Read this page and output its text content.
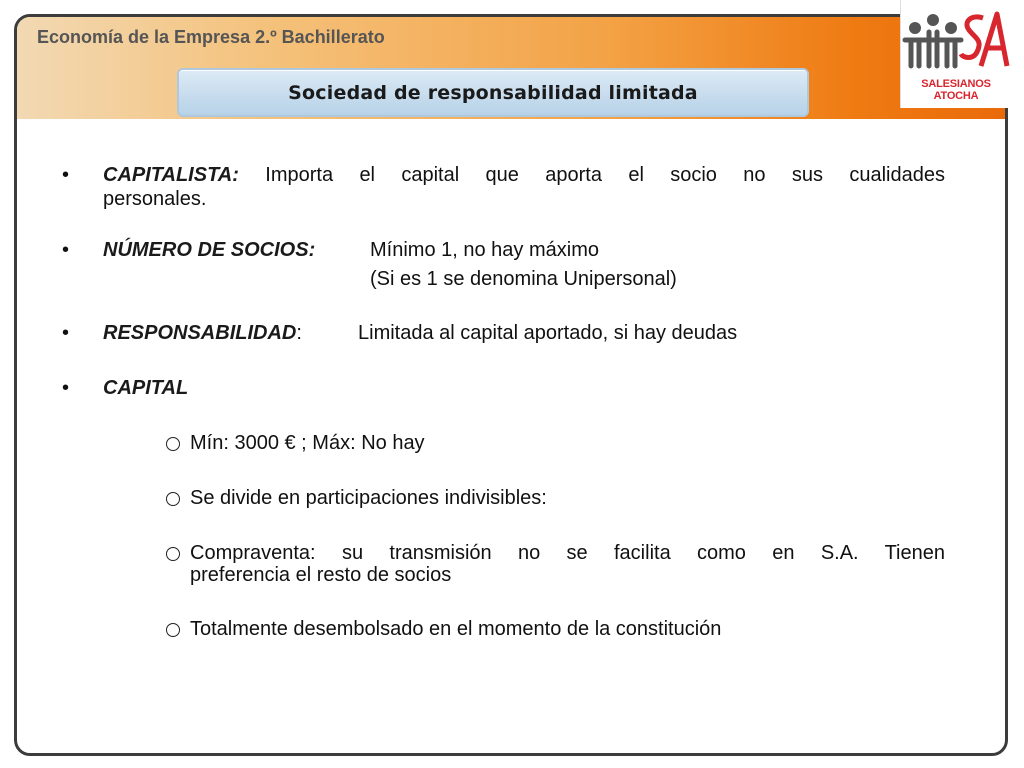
Economía de la Empresa 2.º Bachillerato
Sociedad de responsabilidad limitada	SALESIANOS ATOCHA
• CAPITALISTA: Importa el capital que aporta el socio no sus cualidades
personales.
• NÚMERO DE SOCIOS:	Mínimo 1, no hay máximo
(Si es 1 se denomina Unipersonal)
• RESPONSABILIDAD:	Limitada al capital aportado, si hay deudas
• CAPITAL
Mín: 3000 € ; Máx: No hay
Se divide en participaciones indivisibles:
Compraventa: su transmisión no se facilita como en S.A. Tienen
preferencia el resto de socios
Totalmente desembolsado en el momento de la constitución
